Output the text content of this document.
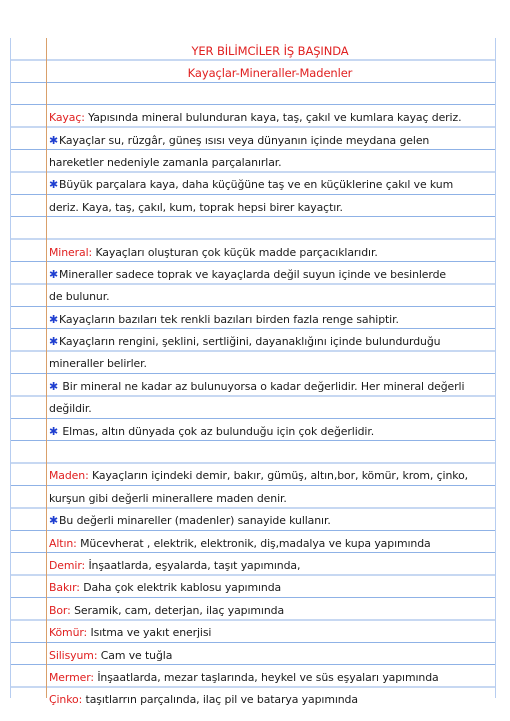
YER BİLİMCİLER İŞ BAŞINDA
Kayaçlar-Mineraller-Madenler
Kayaç: Yapısında mineral bulunduran kaya, taş, çakıl ve kumlara kayaç deriz.
✱Kayaçlar su, rüzgâr, güneş ısısı veya dünyanın içinde meydana gelen
hareketler nedeniyle zamanla parçalanırlar.
✱Büyük parçalara kaya, daha küçüğüne taş ve en küçüklerine çakıl ve kum
deriz. Kaya, taş, çakıl, kum, toprak hepsi birer kayaçtır.
Mineral: Kayaçları oluşturan çok küçük madde parçacıklarıdır.
✱Mineraller sadece toprak ve kayaçlarda değil suyun içinde ve besinlerde
de bulunur.
✱Kayaçların bazıları tek renkli bazıları birden fazla renge sahiptir.
✱Kayaçların rengini, şeklini, sertliğini, dayanaklığını içinde bulundurduğu
mineraller belirler.
✱ Bir mineral ne kadar az bulunuyorsa o kadar değerlidir. Her mineral değerli
değildir.
✱ Elmas, altın dünyada çok az bulunduğu için çok değerlidir.
Maden: Kayaçların içindeki demir, bakır, gümüş, altın,bor, kömür, krom, çinko,
kurşun gibi değerli minerallere maden denir.
✱Bu değerli minareller (madenler) sanayide kullanır.
Altın: Mücevherat , elektrik, elektronik, diş,madalya ve kupa yapımında
Demir: İnşaatlarda, eşyalarda, taşıt yapımında,
Bakır: Daha çok elektrik kablosu yapımında
Bor: Seramik, cam, deterjan, ilaç yapımında
Kömür: Isıtma ve yakıt enerjisi
Silisyum: Cam ve tuğla
Mermer: İnşaatlarda, mezar taşlarında, heykel ve süs eşyaları yapımında
Çinko: taşıtlarrın parçalında, ilaç pil ve batarya yapımında
